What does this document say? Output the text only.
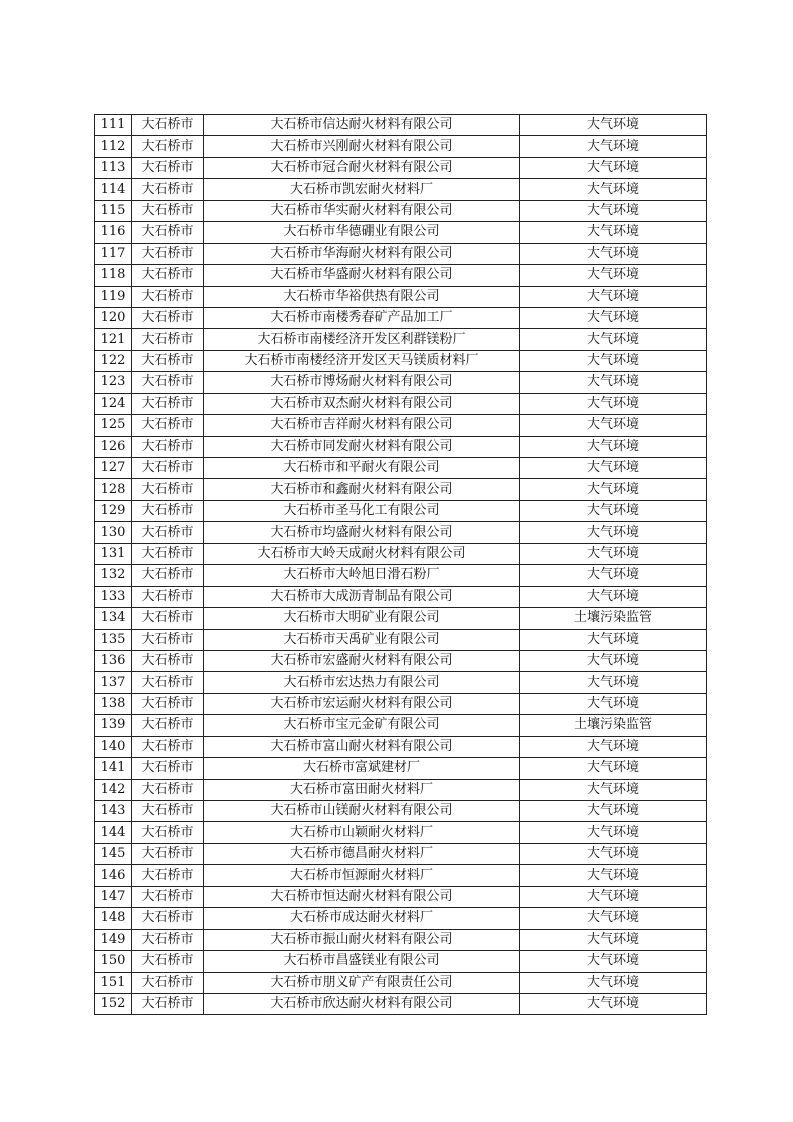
111	大石桥市	大石桥市信达耐火材料有限公司	大气环境
112	大石桥市	大石桥市兴刚耐火材料有限公司	大气环境
113	大石桥市	大石桥市冠合耐火材料有限公司	大气环境
114	大石桥市	大石桥市凯宏耐火材料厂	大气环境
115	大石桥市	大石桥市华实耐火材料有限公司	大气环境
116	大石桥市	大石桥市华德硼业有限公司	大气环境
117	大石桥市	大石桥市华海耐火材料有限公司	大气环境
118	大石桥市	大石桥市华盛耐火材料有限公司	大气环境
119	大石桥市	大石桥市华裕供热有限公司	大气环境
120	大石桥市	大石桥市南楼秀春矿产品加工厂	大气环境
121	大石桥市	大石桥市南楼经济开发区利群镁粉厂	大气环境
122	大石桥市	大石桥市南楼经济开发区天马镁质材料厂	大气环境
123	大石桥市	大石桥市博炀耐火材料有限公司	大气环境
124	大石桥市	大石桥市双杰耐火材料有限公司	大气环境
125	大石桥市	大石桥市吉祥耐火材料有限公司	大气环境
126	大石桥市	大石桥市同发耐火材料有限公司	大气环境
127	大石桥市	大石桥市和平耐火有限公司	大气环境
128	大石桥市	大石桥市和鑫耐火材料有限公司	大气环境
129	大石桥市	大石桥市圣马化工有限公司	大气环境
130	大石桥市	大石桥市均盛耐火材料有限公司	大气环境
131	大石桥市	大石桥市大岭天成耐火材料有限公司	大气环境
132	大石桥市	大石桥市大岭旭日滑石粉厂	大气环境
133	大石桥市	大石桥市大成沥青制品有限公司	大气环境
134	大石桥市	大石桥市大明矿业有限公司	土壤污染监管
135	大石桥市	大石桥市天禹矿业有限公司	大气环境
136	大石桥市	大石桥市宏盛耐火材料有限公司	大气环境
137	大石桥市	大石桥市宏达热力有限公司	大气环境
138	大石桥市	大石桥市宏运耐火材料有限公司	大气环境
139	大石桥市	大石桥市宝元金矿有限公司	土壤污染监管
140	大石桥市	大石桥市富山耐火材料有限公司	大气环境
141	大石桥市	大石桥市富斌建材厂	大气环境
142	大石桥市	大石桥市富田耐火材料厂	大气环境
143	大石桥市	大石桥市山镁耐火材料有限公司	大气环境
144	大石桥市	大石桥市山颖耐火材料厂	大气环境
145	大石桥市	大石桥市德昌耐火材料厂	大气环境
146	大石桥市	大石桥市恒源耐火材料厂	大气环境
147	大石桥市	大石桥市恒达耐火材料有限公司	大气环境
148	大石桥市	大石桥市成达耐火材料厂	大气环境
149	大石桥市	大石桥市振山耐火材料有限公司	大气环境
150	大石桥市	大石桥市昌盛镁业有限公司	大气环境
151	大石桥市	大石桥市朋义矿产有限责任公司	大气环境
152	大石桥市	大石桥市欣达耐火材料有限公司	大气环境
